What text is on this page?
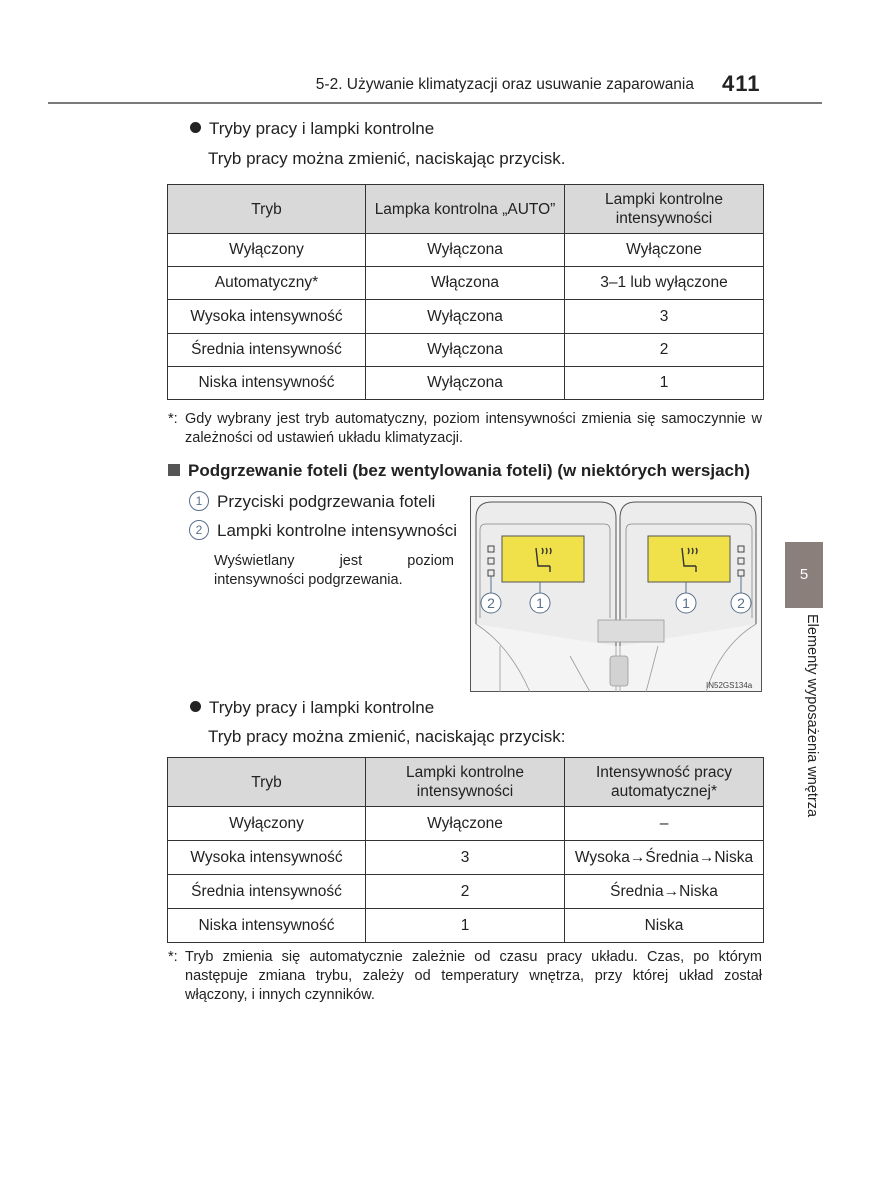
5-2. Używanie klimatyzacji oraz usuwanie zaparowania 411
Tryby pracy i lampki kontrolne
Tryb pracy można zmienić, naciskając przycisk.
Tryb	Lampka kontrolna „AUTO”	Lampki kontrolne intensywności
Wyłączony	Wyłączona	Wyłączone
Automatyczny*	Włączona	3–1 lub wyłączone
Wysoka intensywność	Wyłączona	3
Średnia intensywność	Wyłączona	2
Niska intensywność	Wyłączona	1
*: Gdy wybrany jest tryb automatyczny, poziom intensywności zmienia się samoczynnie w zależności od ustawień układu klimatyzacji.
Podgrzewanie foteli (bez wentylowania foteli) (w niektórych wersjach)
1 Przyciski podgrzewania foteli
2 Lampki kontrolne intensywności
Wyświetlany jest poziom intensywności podgrzewania.
2	1	1	2
IN52GS134a
Tryby pracy i lampki kontrolne
Tryb pracy można zmienić, naciskając przycisk:
Tryb	Lampki kontrolne intensywności	Intensywność pracy automatycznej*
Wyłączony	Wyłączone	–
Wysoka intensywność	3	Wysoka→Średnia→Niska
Średnia intensywność	2	Średnia→Niska
Niska intensywność	1	Niska
*: Tryb zmienia się automatycznie zależnie od czasu pracy układu. Czas, po którym następuje zmiana trybu, zależy od temperatury wnętrza, przy której układ został włączony, i innych czynników.
5
Elementy wyposażenia wnętrza
